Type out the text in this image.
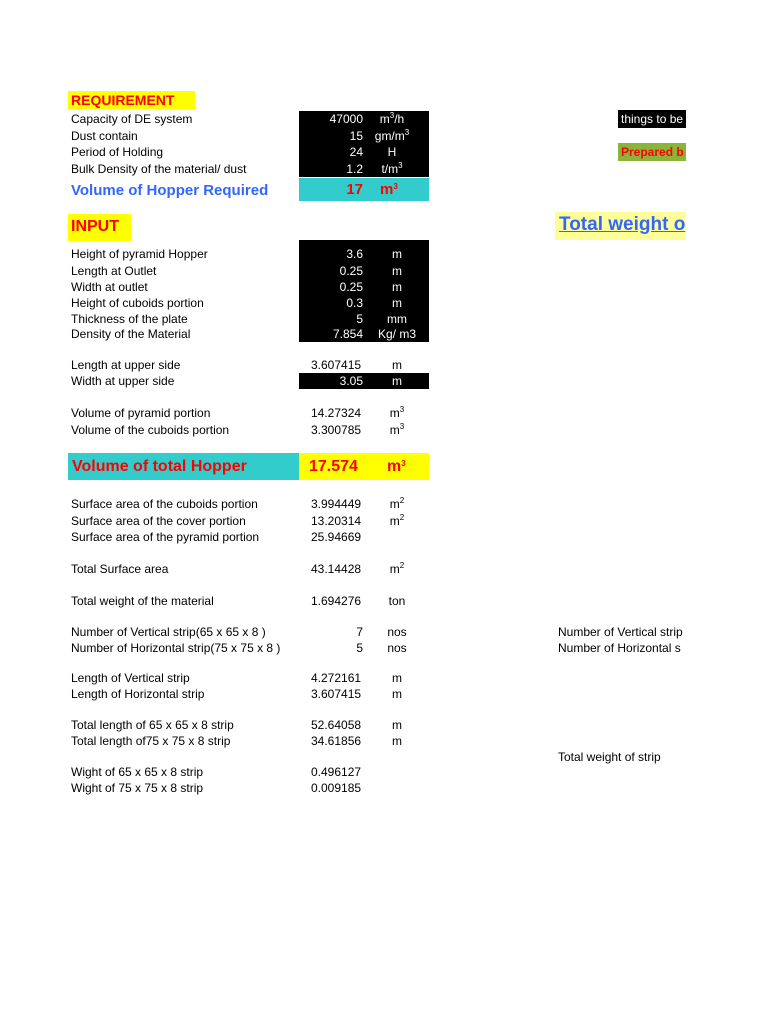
REQUIREMENT
Capacity of DE system	47000	$m^3/h$
Dust contain	15 $gm/m^3$
Period of Holding	24	H
Bulk Density of the material/ dust	1.2	$t/m^3$
Volume of Hopper Required	17 $m^3$
things to be
Prepared b
Total weight o
Number of Vertical strip
Number of Horizontal s
Total weight of strip
INPUT
Height of pyramid Hopper	3.6	m
Length at Outlet	0.25	m
Width at outlet	0.25	m
Height of cuboids portion	0.3	m
Thickness of the plate	5	mm
Density of the Material	7.854	Kg/ m3
Length at upper side	3.607415	m
Width at upper side	3.05	m
Volume of pyramid portion	14.27324	$m^3$
Volume of the cuboids portion	3.300785	$m^3$
Volume of total Hopper	17.574 $m^3$
Surface area of the cuboids portion	3.994449	$m^2$
Surface area of the cover portion	13.20314	$m^2$
Surface area of the pyramid portion	25.94669
Total Surface area	43.14428	$m^2$
Total weight of the material	1.694276	ton
Number of Vertical strip(65 x 65 x 8 )	7	nos
Number of Horizontal strip(75 x 75 x 8 )	5	nos
Length of Vertical strip	4.272161	m
Length of Horizontal strip	3.607415	m
Total length of 65 x 65 x 8 strip	52.64058	m
Total length of75 x 75 x 8 strip	34.61856	m
Wight of 65 x 65 x 8 strip	0.496127
Wight of 75 x 75 x 8 strip	0.009185
